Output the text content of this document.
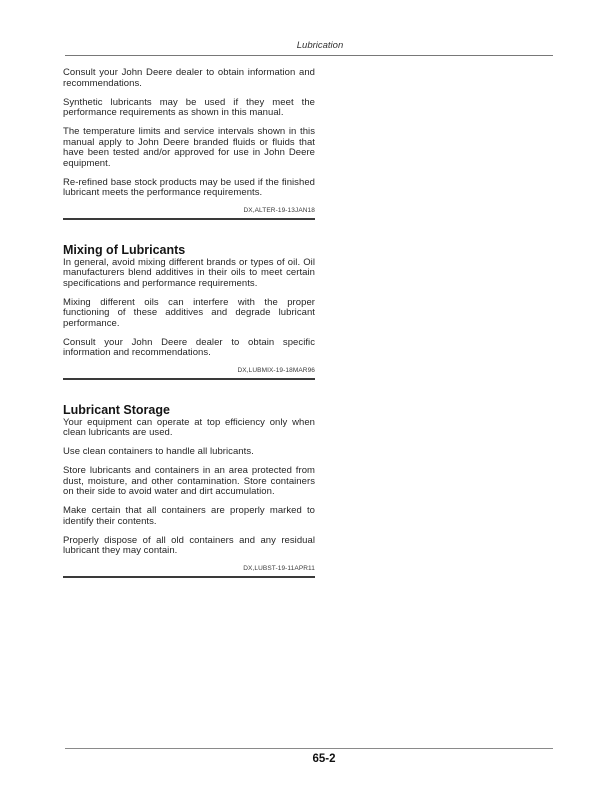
Lubrication

Consult your John Deere dealer to obtain information and recommendations.

Synthetic lubricants may be used if they meet the performance requirements as shown in this manual.

The temperature limits and service intervals shown in this manual apply to John Deere branded fluids or fluids that have been tested and/or approved for use in John Deere equipment.

Re-refined base stock products may be used if the finished lubricant meets the performance requirements.

DX,ALTER-19-13JAN18
Mixing of Lubricants

In general, avoid mixing different brands or types of oil. Oil manufacturers blend additives in their oils to meet certain specifications and performance requirements.

Mixing different oils can interfere with the proper functioning of these additives and degrade lubricant performance.

Consult your John Deere dealer to obtain specific information and recommendations.

DX,LUBMIX-19-18MAR96
Lubricant Storage

Your equipment can operate at top efficiency only when clean lubricants are used.

Use clean containers to handle all lubricants.

Store lubricants and containers in an area protected from dust, moisture, and other contamination. Store containers on their side to avoid water and dirt accumulation.

Make certain that all containers are properly marked to identify their contents.

Properly dispose of all old containers and any residual lubricant they may contain.

DX,LUBST-19-11APR11
65-2
